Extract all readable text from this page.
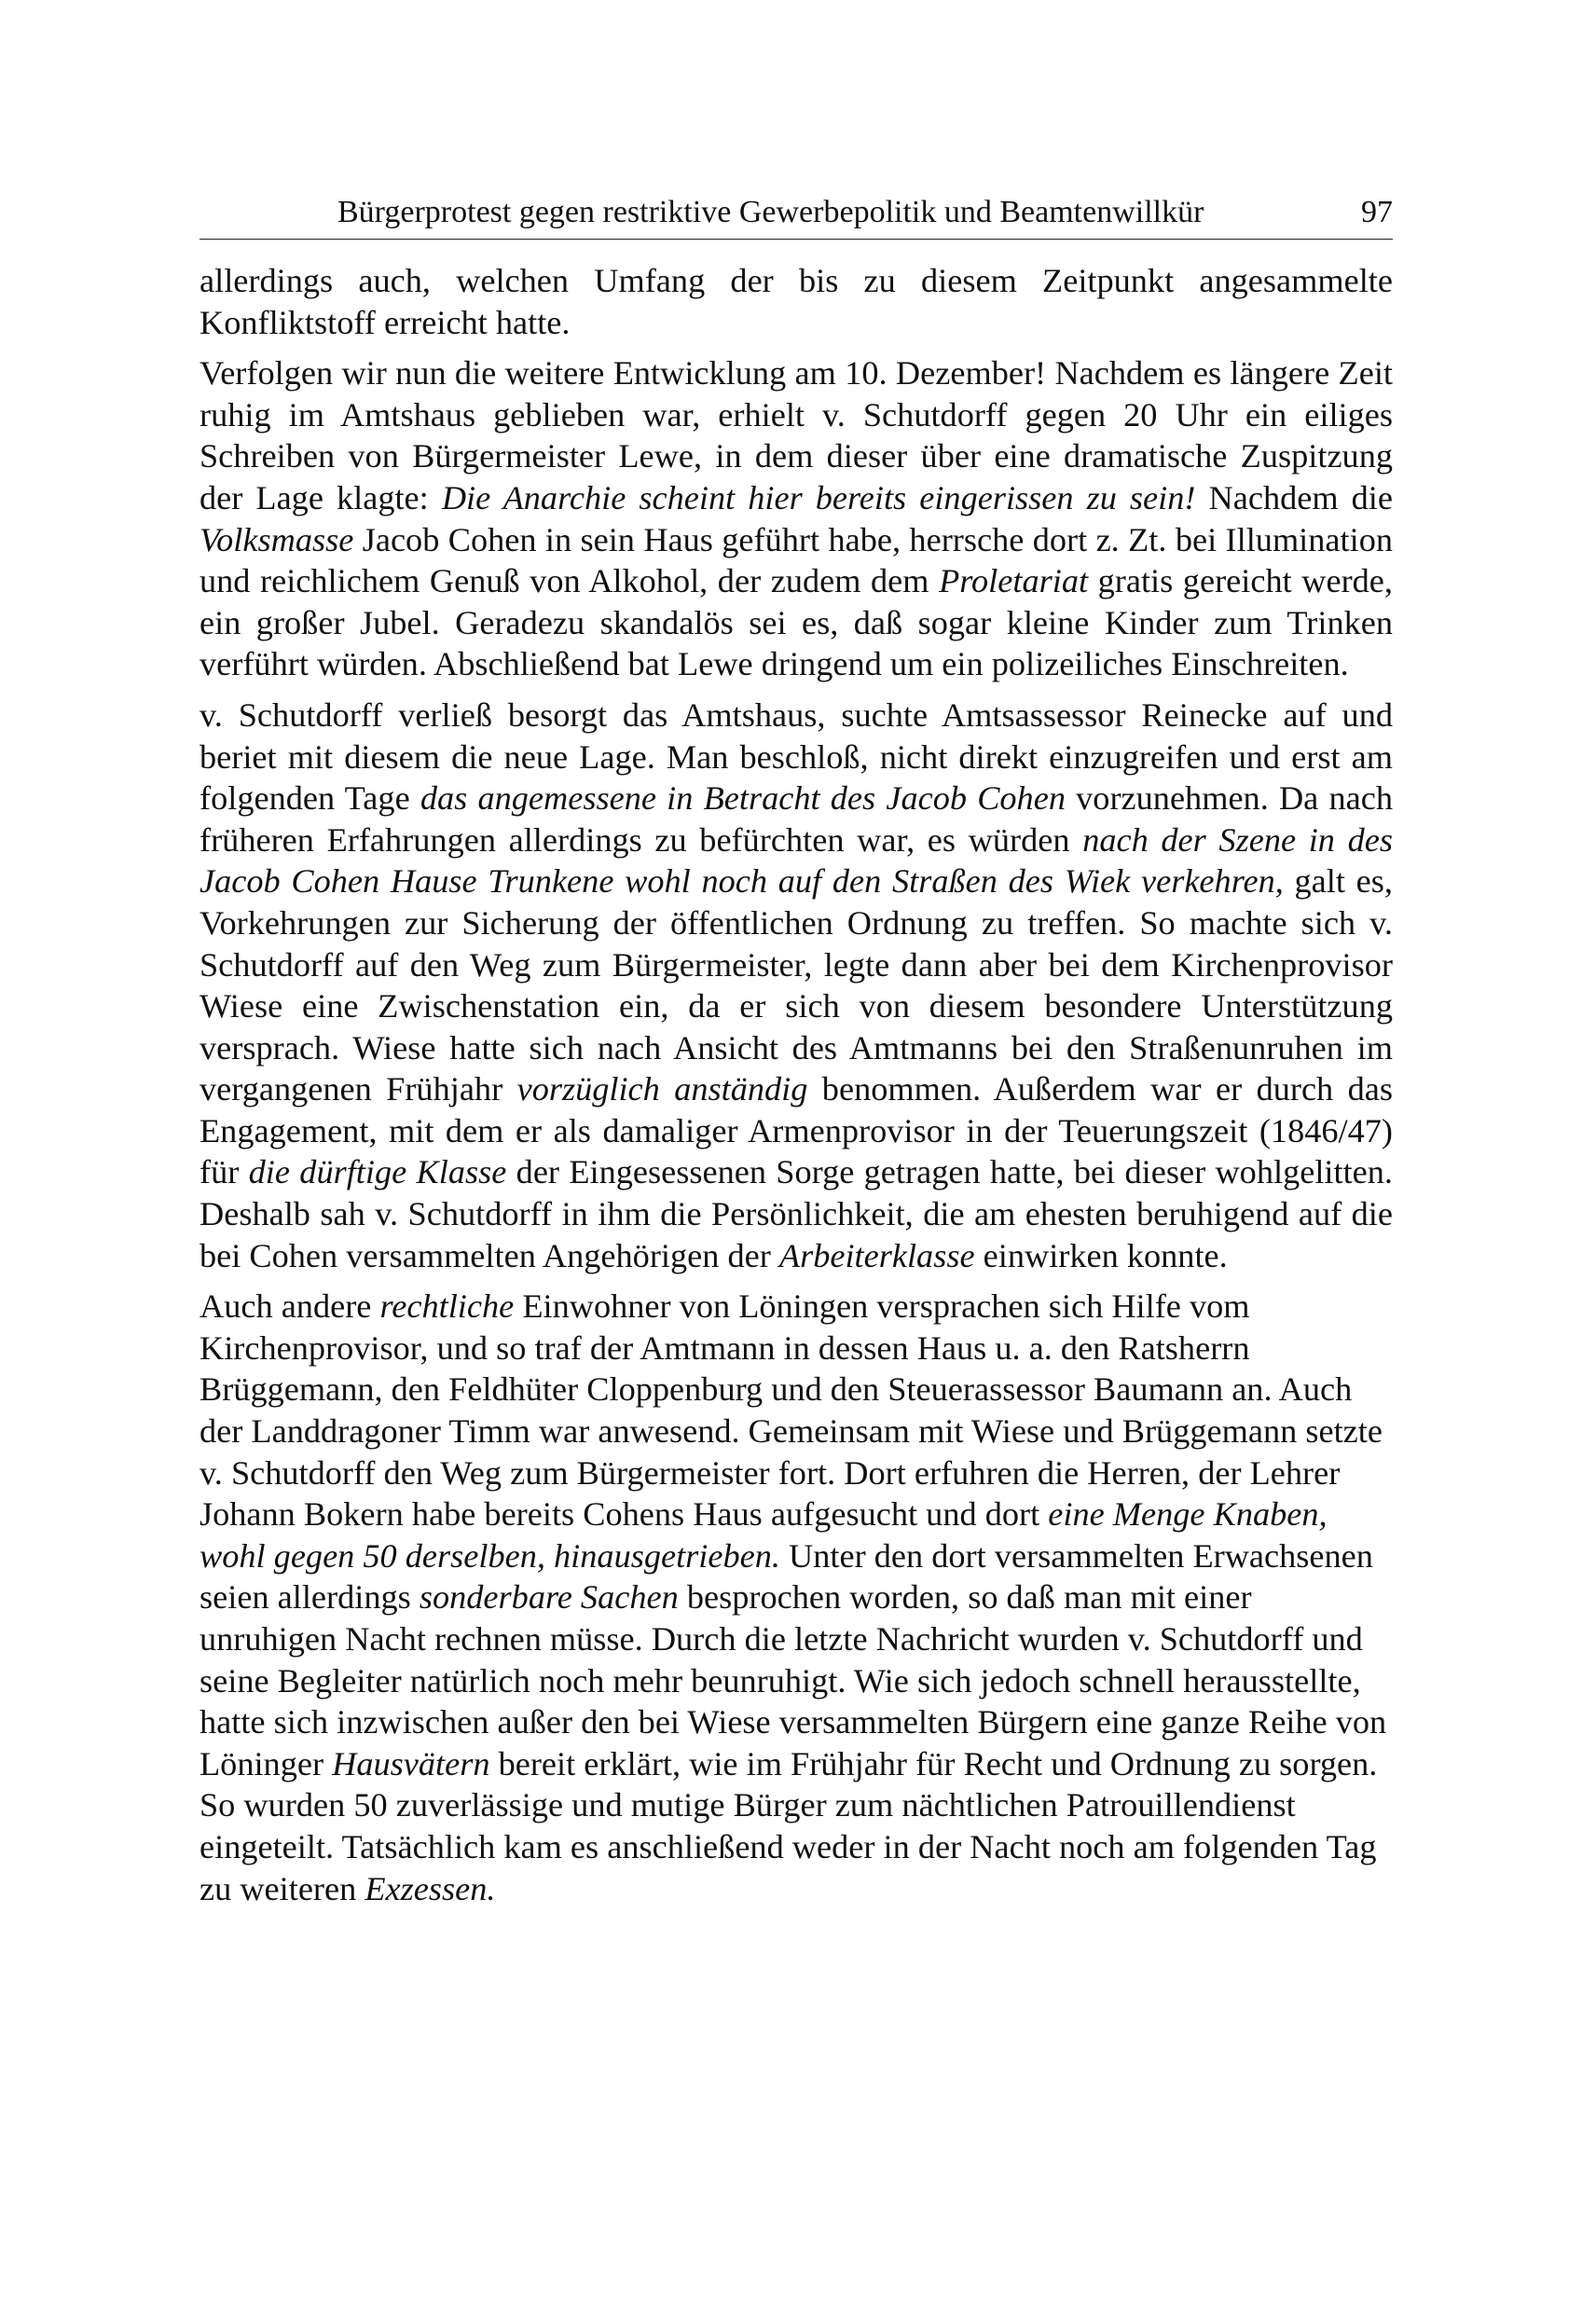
Bürgerprotest gegen restriktive Gewerbepolitik und Beamtenwillkür	97

allerdings auch, welchen Umfang der bis zu diesem Zeitpunkt angesammelte Konfliktstoff erreicht hatte.

Verfolgen wir nun die weitere Entwicklung am 10. Dezember! Nachdem es längere Zeit ruhig im Amtshaus geblieben war, erhielt v. Schutdorff gegen 20 Uhr ein eiliges Schreiben von Bürgermeister Lewe, in dem dieser über eine dramatische Zuspitzung der Lage klagte: Die Anarchie scheint hier bereits eingerissen zu sein! Nachdem die Volksmasse Jacob Cohen in sein Haus geführt habe, herrsche dort z. Zt. bei Illumination und reichlichem Genuß von Alkohol, der zudem dem Proletariat gratis gereicht werde, ein großer Jubel. Geradezu skandalös sei es, daß sogar kleine Kinder zum Trinken verführt würden. Abschließend bat Lewe dringend um ein polizeiliches Einschreiten.

v. Schutdorff verließ besorgt das Amtshaus, suchte Amtsassessor Reinecke auf und beriet mit diesem die neue Lage. Man beschloß, nicht direkt einzugreifen und erst am folgenden Tage das angemessene in Betracht des Jacob Cohen vorzunehmen. Da nach früheren Erfahrungen allerdings zu befürchten war, es würden nach der Szene in des Jacob Cohen Hause Trunkene wohl noch auf den Straßen des Wiek verkehren, galt es, Vorkehrungen zur Sicherung der öffentlichen Ordnung zu treffen. So machte sich v. Schutdorff auf den Weg zum Bürgermeister, legte dann aber bei dem Kirchenprovisor Wiese eine Zwischenstation ein, da er sich von diesem besondere Unterstützung versprach. Wiese hatte sich nach Ansicht des Amtmanns bei den Straßenunruhen im vergangenen Frühjahr vorzüglich anständig benommen. Außerdem war er durch das Engagement, mit dem er als damaliger Armenprovisor in der Teuerungszeit (1846/47) für die dürftige Klasse der Eingesessenen Sorge getragen hatte, bei dieser wohlgelitten. Deshalb sah v. Schutdorff in ihm die Persönlichkeit, die am ehesten beruhigend auf die bei Cohen versammelten Angehörigen der Arbeiterklasse einwirken konnte.

Auch andere rechtliche Einwohner von Löningen versprachen sich Hilfe vom Kirchenprovisor, und so traf der Amtmann in dessen Haus u. a. den Ratsherrn Brüggemann, den Feldhüter Cloppenburg und den Steuerassessor Baumann an. Auch der Landdragoner Timm war anwesend. Gemeinsam mit Wiese und Brüggemann setzte v. Schutdorff den Weg zum Bürgermeister fort. Dort erfuhren die Herren, der Lehrer Johann Bokern habe bereits Cohens Haus aufgesucht und dort eine Menge Knaben, wohl gegen 50 derselben, hinausgetrieben. Unter den dort versammelten Erwachsenen seien allerdings sonderbare Sachen besprochen worden, so daß man mit einer unruhigen Nacht rechnen müsse. Durch die letzte Nachricht wurden v. Schutdorff und seine Begleiter natürlich noch mehr beunruhigt. Wie sich jedoch schnell herausstellte, hatte sich inzwischen außer den bei Wiese versammelten Bürgern eine ganze Reihe von Löninger Hausvätern bereit erklärt, wie im Frühjahr für Recht und Ordnung zu sorgen. So wurden 50 zuverlässige und mutige Bürger zum nächtlichen Patrouillendienst eingeteilt. Tatsächlich kam es anschließend weder in der Nacht noch am folgenden Tag zu weiteren Exzessen.
